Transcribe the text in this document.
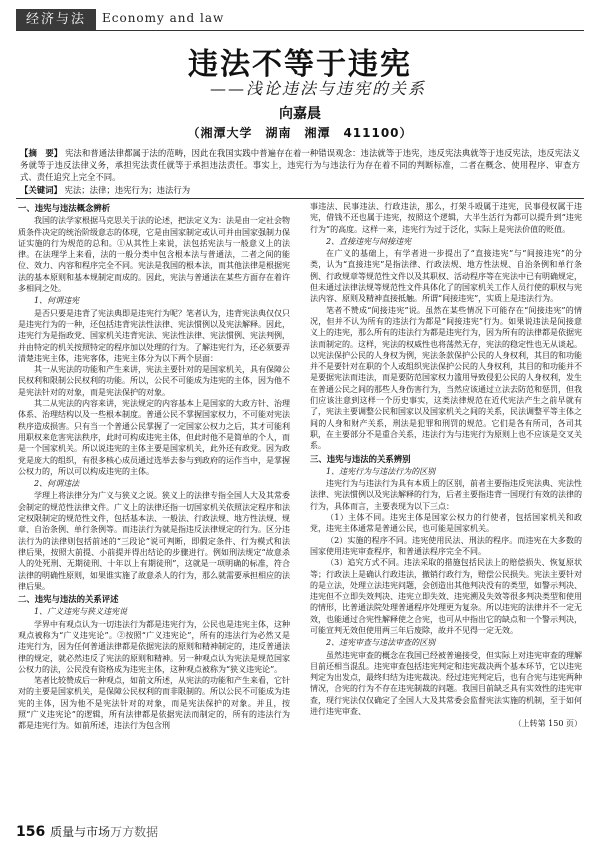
经济与法	Economy and law
违法不等于违宪
——浅论违法与违宪的关系
向嘉晨
（湘潭大学　湖南　湘潭　411100）
【摘　要】 宪法和普通法律都属于法的范畴，因此在我国实践中普遍存在着一种错误观念：违法就等于违宪，违反宪法典就等于违反宪法，违反宪法义务就等于违反法律义务，承担宪法责任就等于承担违法责任。事实上，违宪行为与违法行为存在着不同的判断标准，二者在概念、使用程序、审查方式、责任追究上完全不同。
【关键词】 宪法；法律；违宪行为；违法行为
一、违宪与违法概念辨析

我国的法学家根据马克思关于法的论述，把法定义为：法是由一定社会物质条件决定的统治阶级意志的体现，它是由国家制定或认可并由国家强制力保证实施的行为规范的总和。①从其性上来说，法包括宪法与一般意义上的法律。在法理学上来看，法的一般分类中包含根本法与普通法，二者之间的能位、效力、内容和程序完全不同。宪法是我国的根本法，而其他法律是根据宪法的基本原则和基本规制定而成的。因此，宪法与普通法在某些方面存在着许多相同之处。

1、何谓违宪

是否只要是违背了宪法典即是违宪行为呢？笔者认为，违背宪法典仅仅只是违宪行为的一种，还包括违背宪法性法律、宪法惯例以及宪法解释。因此，违宪行为是指政党、国家机关违背宪法、宪法性法律、宪法惯例、宪法判例，并由特定的机关按照特定的程序加以处理的行为。了解违宪行为，还必须要弄清楚违宪主体，违宪客体，违宪主体分为以下两个层面：

其一从宪法的功能和产生来讲，宪法主要针对的是国家机关，具有保障公民权利和限制公民权利的功能。所以，公民不可能成为违宪的主体，因为他不是宪法针对的对象，而是宪法保护的对象。

其二从宪法的内容来讲，宪法规定的内容基本上是国家的大政方针、治理体系、治理结构以及一些根本制度。普通公民不掌握国家权力，不可能对宪法秩序造成损害。只有当一个普通公民掌握了一定国家公权力之后，其才可能利用职权来危害宪法秩序，此时可构成违宪主体，但此时他不是简单的个人，而是一个国家机关。所以说违宪的主体主要是国家机关，此外还有政党。因为政党是庞大的组织，有很多核心成员通过选举去参与到政府的运作当中，是掌握公权力的，所以可以构成违宪的主体。

2、何谓违法

学理上将法律分为广义与狭义之说。狭义上的法律专指全国人大及其常委会制定的规范性法律文件。广义上的法律还指一切国家机关依照法定程序和法定权限制定的规范性文件，包括基本法、一般法、行政法规、地方性法规、规章、自治条例、单行条例等。而违法行为就是指违反法律规定的行为。区分违法行为的法律则包括前述的“三段论”说可判断，即假定条件、行为模式和法律后果，按照大前提、小前提并得出结论的步骤进行。例如刑法规定“故意杀人的处死刑、无期徒刑、十年以上有期徒刑”，这就是一项明确的标准，符合法律的明确性原则，如果谁实施了故意杀人的行为，那么就需要承担相应的法律后果。

二、违宪与违法的关系评述
1、广义违宪与狭义违宪说

学界中有观点认为一切违法行为都是违宪行为，公民也是违宪主体，这种观点被称为“广义违宪论”。②按照“广义违宪论”，所有的违法行为必然又是违宪行为，因为任何普通法律都是依据宪法的原则和精神制定的，违反普通法律的规定，就必然违反了宪法的原则和精神。另一种观点认为宪法是规范国家公权力的法，公民没有资格成为违宪主体，这种观点被称为“狭义违宪论”。

笔者比较赞成后一种观点，如前文所述，从宪法的功能和产生来看，它针对的主要是国家机关，是保障公民权利的而非限制的。所以公民不可能成为违宪的主体，因为他不是宪法针对的对象，而是宪法保护的对象。并且，按照“广义违宪论”的逻辑，所有法律都是依据宪法而制定的，所有的违法行为都是违宪行为。如前所述，违法行为包含刑

事违法、民事违法、行政违法，那么，打架斗殴属于违宪，民事侵权属于违宪，借钱不还也属于违宪，按照这个逻辑，大半生活行为都可以提升到“违宪行为”的高度。这样一来，违宪行为过于泛化，实际上是宪法价值的贬值。

2、直接违宪与间接违宪

在广义的基础上，有学者进一步提出了“直接违宪”与“间接违宪”的分类，认为“直接违宪”是指法律、行政法规、地方性法规、自治条例和单行条例、行政规章等规范性文件以及其职权、活动程序等在宪法中已有明确规定，但未通过法律法规等规范性文件具体化了的国家机关工作人员行使的职权与宪法内容、原则及精神直接抵触。所谓“间接违宪”，实质上是违法行为。

笔者不赞成“间接违宪”说。虽然在某些情况下可能存在“间接违宪”的情况，但并不认为所有的违法行为都是“间接违宪”行为。如果说违法是间接意义上的违宪，那么所有的违法行为都是违宪行为，因为所有的法律都是依据宪法而制定的。这样，宪法的权威性也将荡然无存，宪法的稳定性也无从谈起。以宪法保护公民的人身权为例，宪法条款保护公民的人身权利，其目的和功能并不是要针对在职的个人或组织宪法保护公民的人身权利，其目的和功能并不是要据宪法而违法，而是要防范国家权力滥用导致侵犯公民的人身权利，发生在普通公民之间的那些人身伤害行为，当然应该通过立法去防范和惩罚，但我们应该注意到这样一个历史事实，这类法律规范在近代宪法产生之前早就有了，宪法主要调整公民和国家以及国家机关之间的关系，民法调整平等主体之间的人身和财产关系，刑法是犯罪和刑罚的规范。它们是各有所司，各司其职，在主要部分不是重合关系，违法行为与违宪行为原则上也不应该是交叉关系。

三、违宪与违法的关系辨别
1、违宪行为与违法行为的区别

违宪行为与违法行为具有本质上的区别，前者主要指违反宪法典、宪法性法律、宪法惯例以及宪法解释的行为，后者主要指违背一国现行有效的法律的行为，具体而言，主要表现为以下三点：

（1）主体不同。违宪主体是国家公权力的行使者，包括国家机关和政党，违宪主体通常是普通公民，也可能是国家机关。

（2）实施的程序不同。违宪使用民法、刑法的程序。而违宪在大多数的国家使用违宪审查程序，和普通法程序完全不同。

（3）追究方式不同。违法采取的措施包括民法上的赔偿损失、恢复原状等；行政法上是确认行政违法，撤销行政行为，赔偿公民损失。宪法主要针对的是立法，处理立法违宪问题，会创造出其他判决没有的类型，如警示判决、违宪但不立即失效判决、违宪立即失效、违宪溯及失效等很多判决类型和使用的情形，比普通法院处理普通程序处理更为复杂。所以违宪的法律并不一定无效，也能通过合宪性解释使之合宪，也可从中指出它的缺点和一个警示判决，可能宣判无效但使用两三年后废除，故并不见得一定无效。

2、违宪审查与违法审查的区别

虽然违宪审查的概念在我国已经被普遍接受，但实际上对违宪审查的理解目前还相当混乱。违宪审查包括违宪判定和违宪裁决两个基本环节，它以违宪判定为出发点，最终归结为违宪裁决。经过违宪判定后，也有合宪与违宪两种情况，合宪的行为不存在违宪制裁的问题。我国目前缺乏具有实效性的违宪审查，现行宪法仅仅确定了全国人大及其常委会监督宪法实施的机制，至于如何进行违宪审查、

（上转第 150 页）
156 质量与市场万方数据
